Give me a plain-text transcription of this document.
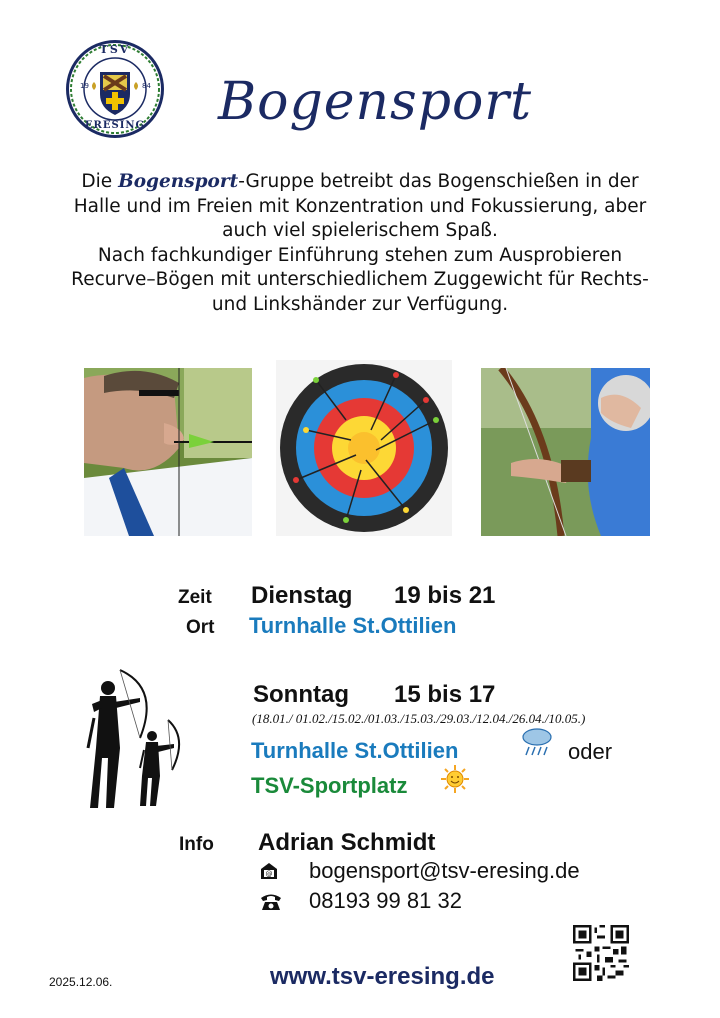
TSV
ERESING
19	84	Bogensport
Die Bogensport-Gruppe betreibt das Bogenschießen in der
Halle und im Freien mit Konzentration und Fokussierung, aber
auch viel spielerischem Spaß.
Nach fachkundiger Einführung stehen zum Ausprobieren
Recurve–Bögen mit unterschiedlichem Zuggewicht für Rechts-
und Linkshänder zur Verfügung.
Zeit Dienstag 19 bis 21
Ort Turnhalle St.Ottilien
Sonntag 15 bis 17
(18.01./ 01.02./15.02./01.03./15.03./29.03./12.04./26.04./10.05.)
Turnhalle St.Ottilien	oder
TSV-Sportplatz
Info Adrian Schmidt
@ bogensport@tsv-eresing.de
08193 99 81 32
2025.12.06.	www.tsv-eresing.de
